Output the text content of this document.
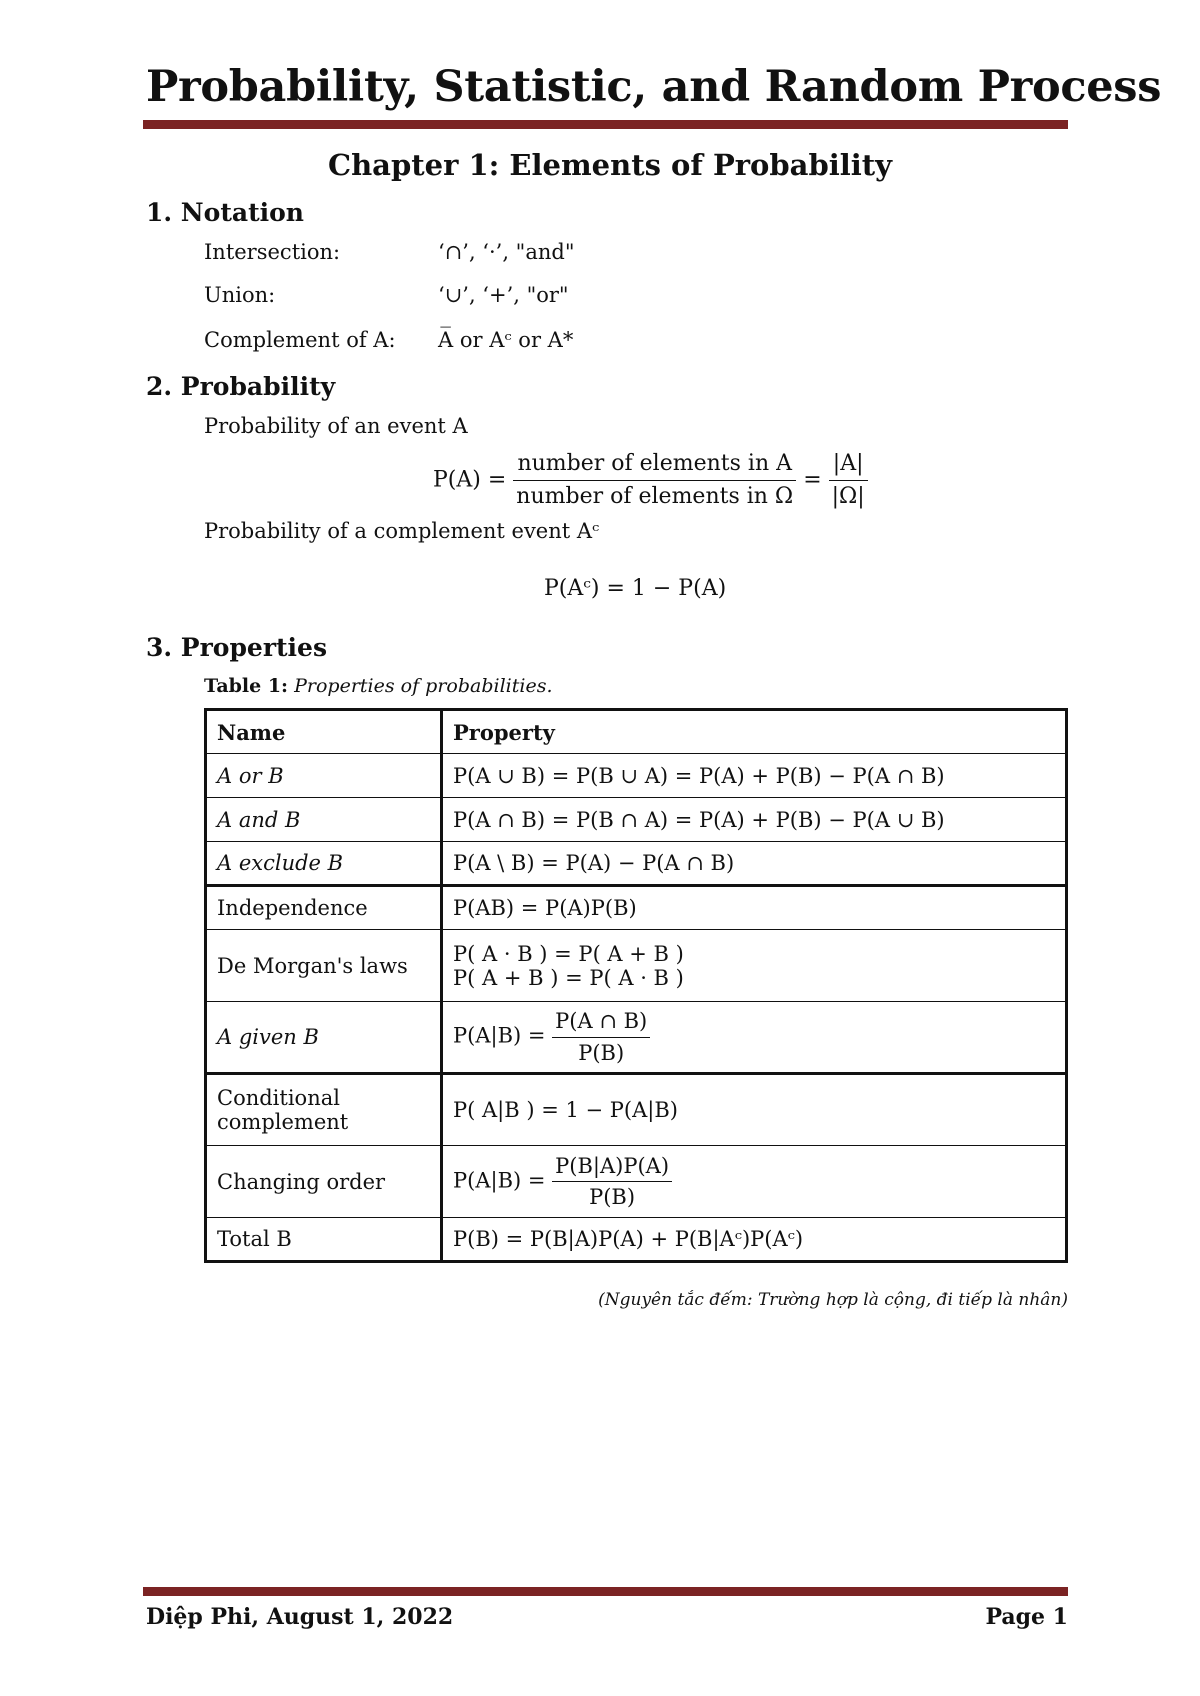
Probability, Statistic, and Random Process
Chapter 1: Elements of Probability
1. Notation
Intersection:	‘∩’, ‘·’, "and"
Union:	‘∪’, ‘+’, "or"
Complement of A: A̅ or Aᶜ or A*
2. Probability
Probability of an event A
$P(A) = \frac{\text{number of elements in A}}{\text{number of elements in Ω}} = \frac{|A|}{|\Omega|}$
Probability of a complement event Aᶜ
P(Aᶜ) = 1 − P(A)
3. Properties
Table 1: Properties of probabilities.
Name	Property
A or B	P(A ∪ B) = P(B ∪ A) = P(A) + P(B) − P(A ∩ B)
A and B	P(A ∩ B) = P(B ∩ A) = P(A) + P(B) − P(A ∪ B)
A exclude B	P(A \ B) = P(A) − P(A ∩ B)
Independence	P(AB) = P(A)P(B)
De Morgan's laws	P( A · B ) = P( A + B )
P( A + B ) = P( A · B )

A given B	$P(A|B) = \frac{P(A \cap B)}{P(B)}$

Conditional complement	P( A|B ) = 1 − P(A|B)
Changing order	$P(A|B) = \frac{P(B|A)P(A)}{P(B)}$

Total B	P(B) = P(B|A)P(A) + P(B|Aᶜ)P(Aᶜ)
(Nguyên tắc đếm: Trường hợp là cộng, đi tiếp là nhân)
Diệp Phi, August 1, 2022	Page 1
